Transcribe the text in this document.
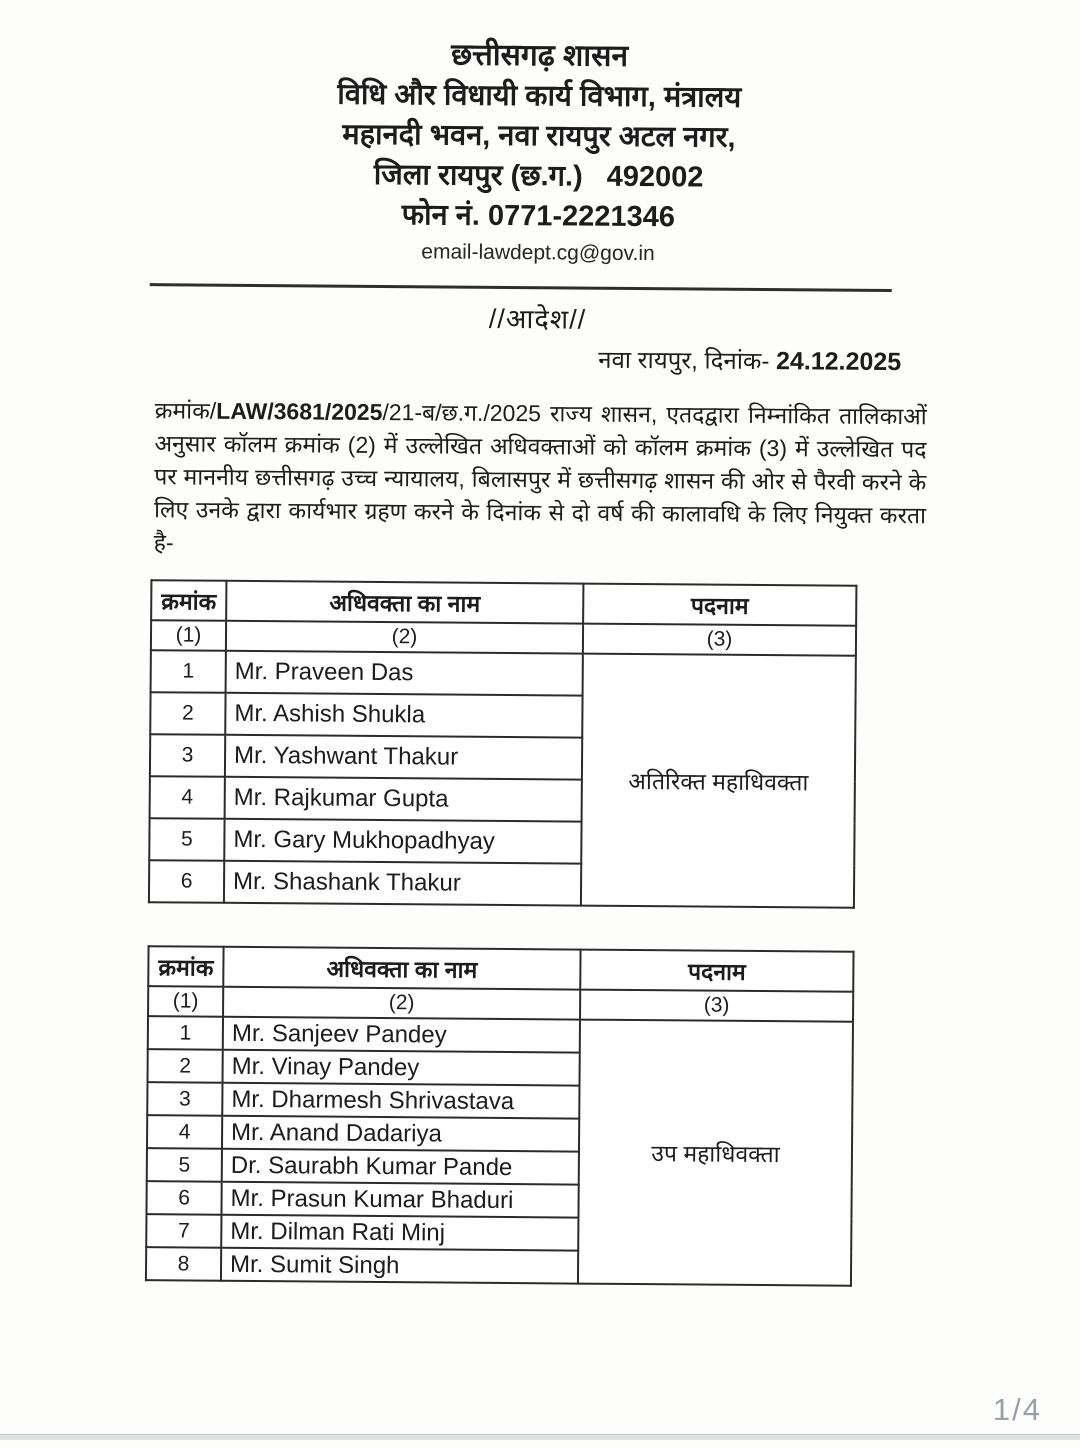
छत्तीसगढ़ शासन
विधि और विधायी कार्य विभाग, मंत्रालय
महानदी भवन, नवा रायपुर अटल नगर,
जिला रायपुर (छ.ग.) 492002
फोन नं. 0771-2221346
email-lawdept.cg@gov.in
//आदेश//
नवा रायपुर, दिनांक- 24.12.2025

क्रमांक/LAW/3681/2025/21-ब/छ.ग./2025 राज्य शासन, एतदद्वारा निम्नांकित तालिकाओं अनुसार कॉलम क्रमांक (2) में उल्लेखित अधिवक्ताओं को कॉलम क्रमांक (3) में उल्लेखित पद पर माननीय छत्तीसगढ़ उच्च न्यायालय, बिलासपुर में छत्तीसगढ़ शासन की ओर से पैरवी करने के लिए उनके द्वारा कार्यभार ग्रहण करने के दिनांक से दो वर्ष की कालावधि के लिए नियुक्त करता है-

क्रमांक	अधिवक्ता का नाम	पदनाम
(1)	(2)	(3)
1	Mr. Praveen Das	अतिरिक्त महाधिवक्ता
2	Mr. Ashish Shukla	
3	Mr. Yashwant Thakur	
4	Mr. Rajkumar Gupta	
5	Mr. Gary Mukhopadhyay	
6	Mr. Shashank Thakur	
क्रमांक	अधिवक्ता का नाम	पदनाम
(1)	(2)	(3)
1	Mr. Sanjeev Pandey	उप महाधिवक्ता
2	Mr. Vinay Pandey	
3	Mr. Dharmesh Shrivastava	
4	Mr. Anand Dadariya	
5	Dr. Saurabh Kumar Pande	
6	Mr. Prasun Kumar Bhaduri	
7	Mr. Dilman Rati Minj	
8	Mr. Sumit Singh	
1/4
